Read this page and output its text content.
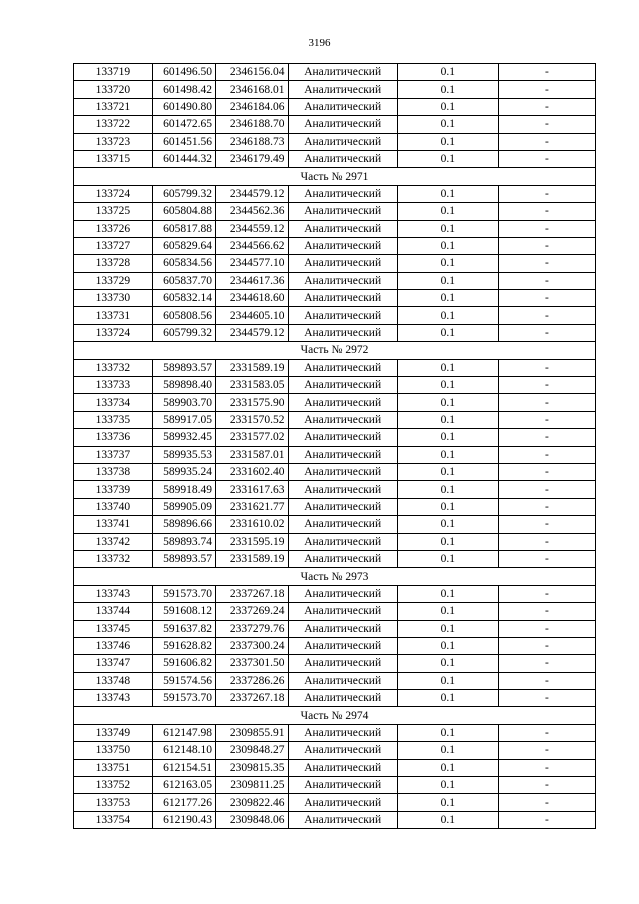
3196
133719	601496.50	2346156.04	Аналитический	0.1	-
133720	601498.42	2346168.01	Аналитический	0.1	-
133721	601490.80	2346184.06	Аналитический	0.1	-
133722	601472.65	2346188.70	Аналитический	0.1	-
133723	601451.56	2346188.73	Аналитический	0.1	-
133715	601444.32	2346179.49	Аналитический	0.1	-
Часть № 2971					
133724	605799.32	2344579.12	Аналитический	0.1	-
133725	605804.88	2344562.36	Аналитический	0.1	-
133726	605817.88	2344559.12	Аналитический	0.1	-
133727	605829.64	2344566.62	Аналитический	0.1	-
133728	605834.56	2344577.10	Аналитический	0.1	-
133729	605837.70	2344617.36	Аналитический	0.1	-
133730	605832.14	2344618.60	Аналитический	0.1	-
133731	605808.56	2344605.10	Аналитический	0.1	-
133724	605799.32	2344579.12	Аналитический	0.1	-
Часть № 2972					
133732	589893.57	2331589.19	Аналитический	0.1	-
133733	589898.40	2331583.05	Аналитический	0.1	-
133734	589903.70	2331575.90	Аналитический	0.1	-
133735	589917.05	2331570.52	Аналитический	0.1	-
133736	589932.45	2331577.02	Аналитический	0.1	-
133737	589935.53	2331587.01	Аналитический	0.1	-
133738	589935.24	2331602.40	Аналитический	0.1	-
133739	589918.49	2331617.63	Аналитический	0.1	-
133740	589905.09	2331621.77	Аналитический	0.1	-
133741	589896.66	2331610.02	Аналитический	0.1	-
133742	589893.74	2331595.19	Аналитический	0.1	-
133732	589893.57	2331589.19	Аналитический	0.1	-
Часть № 2973					
133743	591573.70	2337267.18	Аналитический	0.1	-
133744	591608.12	2337269.24	Аналитический	0.1	-
133745	591637.82	2337279.76	Аналитический	0.1	-
133746	591628.82	2337300.24	Аналитический	0.1	-
133747	591606.82	2337301.50	Аналитический	0.1	-
133748	591574.56	2337286.26	Аналитический	0.1	-
133743	591573.70	2337267.18	Аналитический	0.1	-
Часть № 2974					
133749	612147.98	2309855.91	Аналитический	0.1	-
133750	612148.10	2309848.27	Аналитический	0.1	-
133751	612154.51	2309815.35	Аналитический	0.1	-
133752	612163.05	2309811.25	Аналитический	0.1	-
133753	612177.26	2309822.46	Аналитический	0.1	-
133754	612190.43	2309848.06	Аналитический	0.1	-
